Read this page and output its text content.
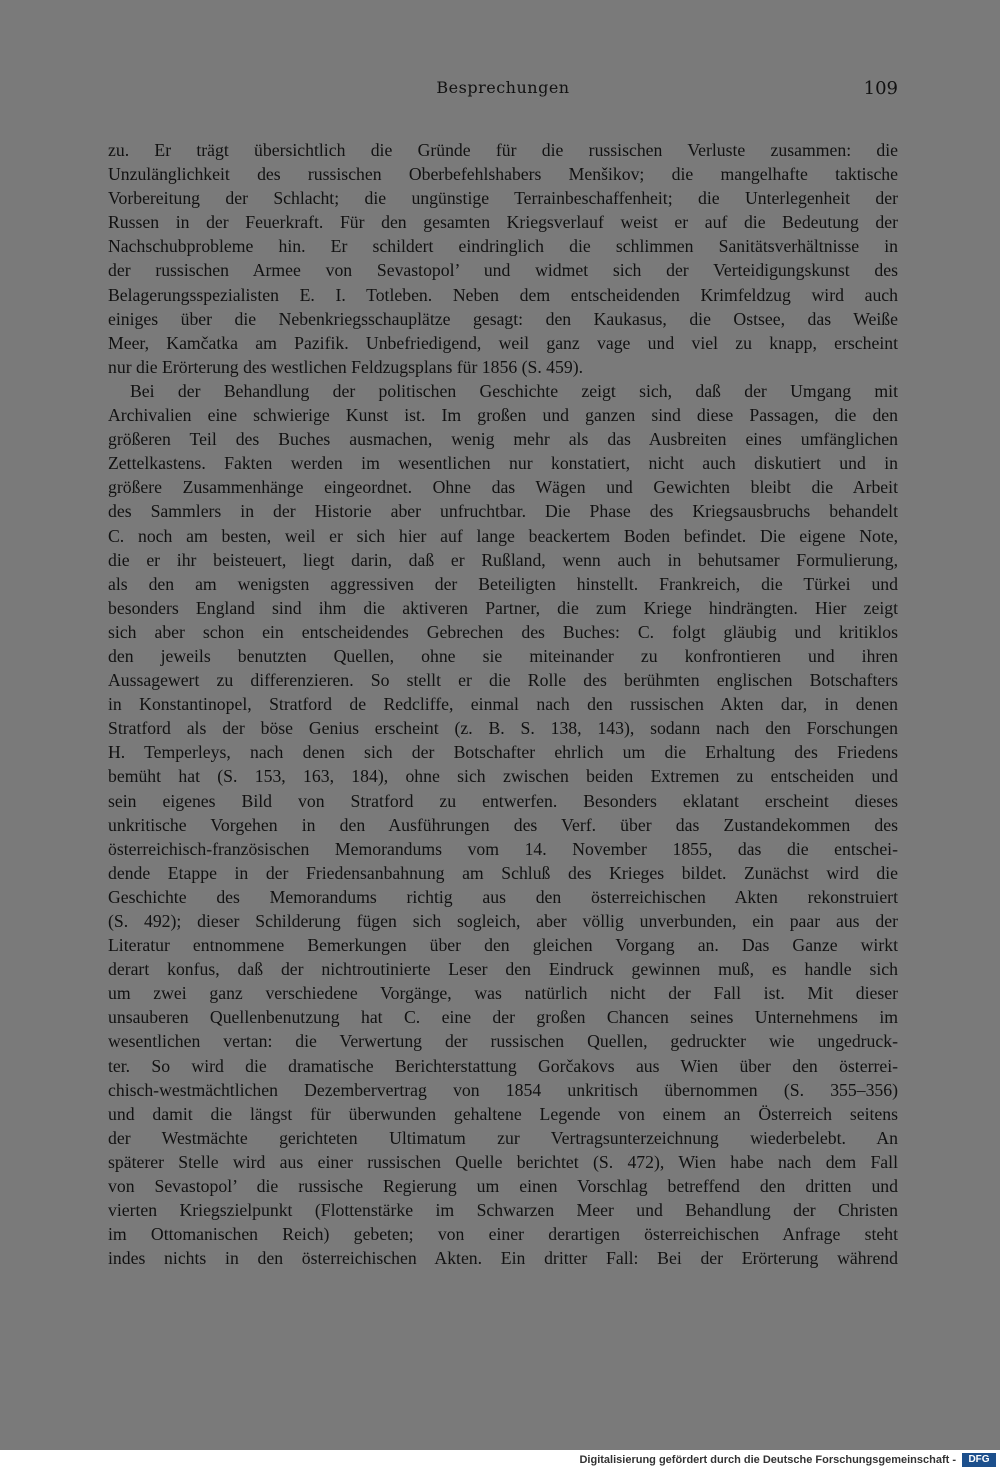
Besprechungen	109
zu. Er trägt übersichtlich die Gründe für die russischen Verluste zusammen: die
Unzulänglichkeit des russischen Oberbefehlshabers Menšikov; die mangelhafte taktische
Vorbereitung der Schlacht; die ungünstige Terrainbeschaffenheit; die Unterlegenheit der
Russen in der Feuerkraft. Für den gesamten Kriegsverlauf weist er auf die Bedeutung der
Nachschubprobleme hin. Er schildert eindringlich die schlimmen Sanitätsverhältnisse in
der russischen Armee von Sevastopol’ und widmet sich der Verteidigungskunst des
Belagerungsspezialisten E. I. Totleben. Neben dem entscheidenden Krimfeldzug wird auch
einiges über die Nebenkriegsschauplätze gesagt: den Kaukasus, die Ostsee, das Weiße
Meer, Kamčatka am Pazifik. Unbefriedigend, weil ganz vage und viel zu knapp, erscheint
nur die Erörterung des westlichen Feldzugsplans für 1856 (S. 459).
Bei der Behandlung der politischen Geschichte zeigt sich, daß der Umgang mit
Archivalien eine schwierige Kunst ist. Im großen und ganzen sind diese Passagen, die den
größeren Teil des Buches ausmachen, wenig mehr als das Ausbreiten eines umfänglichen
Zettelkastens. Fakten werden im wesentlichen nur konstatiert, nicht auch diskutiert und in
größere Zusammenhänge eingeordnet. Ohne das Wägen und Gewichten bleibt die Arbeit
des Sammlers in der Historie aber unfruchtbar. Die Phase des Kriegsausbruchs behandelt
C. noch am besten, weil er sich hier auf lange beackertem Boden befindet. Die eigene Note,
die er ihr beisteuert, liegt darin, daß er Rußland, wenn auch in behutsamer Formulierung,
als den am wenigsten aggressiven der Beteiligten hinstellt. Frankreich, die Türkei und
besonders England sind ihm die aktiveren Partner, die zum Kriege hindrängten. Hier zeigt
sich aber schon ein entscheidendes Gebrechen des Buches: C. folgt gläubig und kritiklos
den jeweils benutzten Quellen, ohne sie miteinander zu konfrontieren und ihren
Aussagewert zu differenzieren. So stellt er die Rolle des berühmten englischen Botschafters
in Konstantinopel, Stratford de Redcliffe, einmal nach den russischen Akten dar, in denen
Stratford als der böse Genius erscheint (z. B. S. 138, 143), sodann nach den Forschungen
H. Temperleys, nach denen sich der Botschafter ehrlich um die Erhaltung des Friedens
bemüht hat (S. 153, 163, 184), ohne sich zwischen beiden Extremen zu entscheiden und
sein eigenes Bild von Stratford zu entwerfen. Besonders eklatant erscheint dieses
unkritische Vorgehen in den Ausführungen des Verf. über das Zustandekommen des
österreichisch-französischen Memorandums vom 14. November 1855, das die entschei-
dende Etappe in der Friedensanbahnung am Schluß des Krieges bildet. Zunächst wird die
Geschichte des Memorandums richtig aus den österreichischen Akten rekonstruiert
(S. 492); dieser Schilderung fügen sich sogleich, aber völlig unverbunden, ein paar aus der
Literatur entnommene Bemerkungen über den gleichen Vorgang an. Das Ganze wirkt
derart konfus, daß der nichtroutinierte Leser den Eindruck gewinnen muß, es handle sich
um zwei ganz verschiedene Vorgänge, was natürlich nicht der Fall ist. Mit dieser
unsauberen Quellenbenutzung hat C. eine der großen Chancen seines Unternehmens im
wesentlichen vertan: die Verwertung der russischen Quellen, gedruckter wie ungedruck-
ter. So wird die dramatische Berichterstattung Gorčakovs aus Wien über den österrei-
chisch-westmächtlichen Dezembervertrag von 1854 unkritisch übernommen (S. 355–356)
und damit die längst für überwunden gehaltene Legende von einem an Österreich seitens
der Westmächte gerichteten Ultimatum zur Vertragsunterzeichnung wiederbelebt. An
späterer Stelle wird aus einer russischen Quelle berichtet (S. 472), Wien habe nach dem Fall
von Sevastopol’ die russische Regierung um einen Vorschlag betreffend den dritten und
vierten Kriegszielpunkt (Flottenstärke im Schwarzen Meer und Behandlung der Christen
im Ottomanischen Reich) gebeten; von einer derartigen österreichischen Anfrage steht
indes nichts in den österreichischen Akten. Ein dritter Fall: Bei der Erörterung während
Digitalisierung gefördert durch die Deutsche Forschungsgemeinschaft -	DFG
